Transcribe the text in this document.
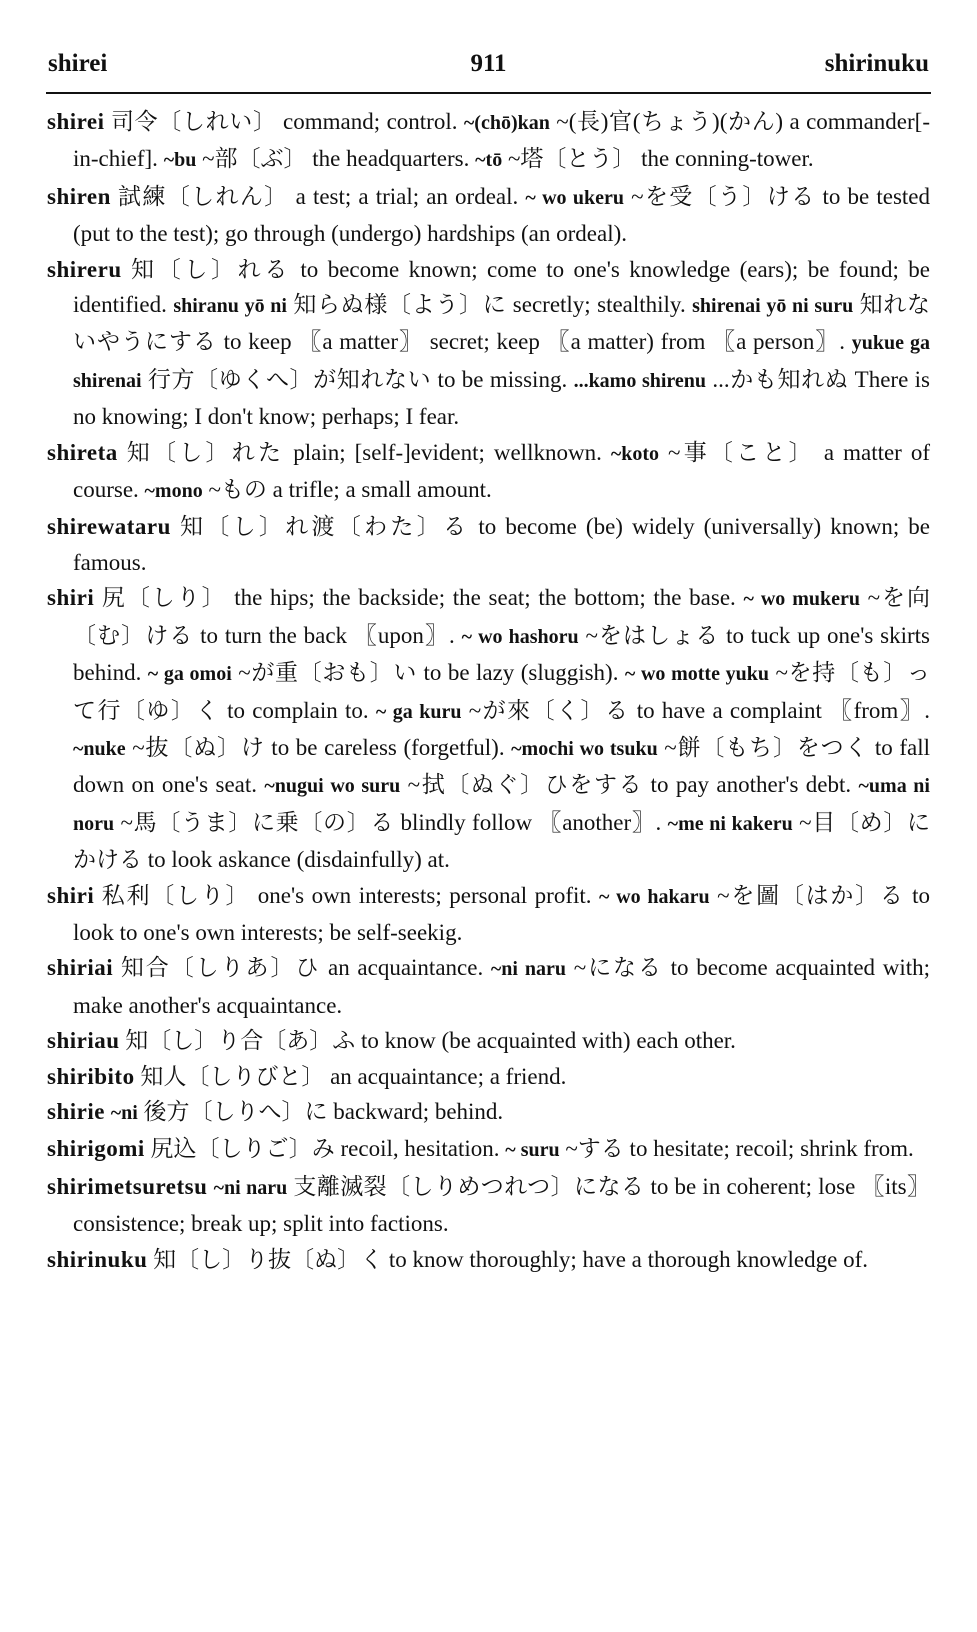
shirei	911	shirinuku
shirei 司令〔しれい〕 command; control. ~(chō)kan ~(長)官(ちょう)(かん) a commander[-in-chief]. ~bu ~部〔ぶ〕 the headquarters. ~tō ~塔〔とう〕 the conning-tower.
shiren 試練〔しれん〕 a test; a trial; an ordeal. ~ wo ukeru ~を受〔う〕ける to be tested (put to the test); go through (undergo) hardships (an ordeal).
shireru 知〔し〕れる to become known; come to one's knowledge (ears); be found; be identified. shiranu yō ni 知らぬ様〔よう〕に secretly; stealthily. shirenai yō ni suru 知れないやうにする to keep 〖a matter〗 secret; keep 〖a matter) from 〖a person〗. yukue ga shirenai 行方〔ゆくへ〕が知れない to be missing. ...kamo shirenu ...かも知れぬ There is no knowing; I don't know; perhaps; I fear.
shireta 知〔し〕れた plain; [self-]evident; wellknown. ~koto ~事〔こと〕 a matter of course. ~mono ~もの a trifle; a small amount.
shirewataru 知〔し〕れ渡〔わた〕る to become (be) widely (universally) known; be famous.
shiri 尻〔しり〕 the hips; the backside; the seat; the bottom; the base. ~ wo mukeru ~を向〔む〕ける to turn the back 〖upon〗. ~ wo hashoru ~をはしょる to tuck up one's skirts behind. ~ ga omoi ~が重〔おも〕い to be lazy (sluggish). ~ wo motte yuku ~を持〔も〕って行〔ゆ〕く to complain to. ~ ga kuru ~が來〔く〕る to have a complaint 〖from〗. ~nuke ~抜〔ぬ〕け to be careless (forgetful). ~mochi wo tsuku ~餅〔もち〕をつく to fall down on one's seat. ~nugui wo suru ~拭〔ぬぐ〕ひをする to pay another's debt. ~uma ni noru ~馬〔うま〕に乗〔の〕る blindly follow 〖another〗. ~me ni kakeru ~目〔め〕にかける to look askance (disdainfully) at.
shiri 私利〔しり〕 one's own interests; personal profit. ~ wo hakaru ~を圖〔はか〕る to look to one's own interests; be self-seekig.
shiriai 知合〔しりあ〕ひ an acquaintance. ~ni naru ~になる to become acquainted with; make another's acquaintance.
shiriau 知〔し〕り合〔あ〕ふ to know (be acquainted with) each other.
shiribito 知人〔しりびと〕 an acquaintance; a friend.
shirie ~ni 後方〔しりへ〕に backward; behind.
shirigomi 尻込〔しりご〕み recoil, hesitation. ~ suru ~する to hesitate; recoil; shrink from.
shirimetsuretsu ~ni naru 支離滅裂〔しりめつれつ〕になる to be in coherent; lose 〖its〗 consistence; break up; split into factions.
shirinuku 知〔し〕り抜〔ぬ〕く to know thoroughly; have a thorough knowledge of.
